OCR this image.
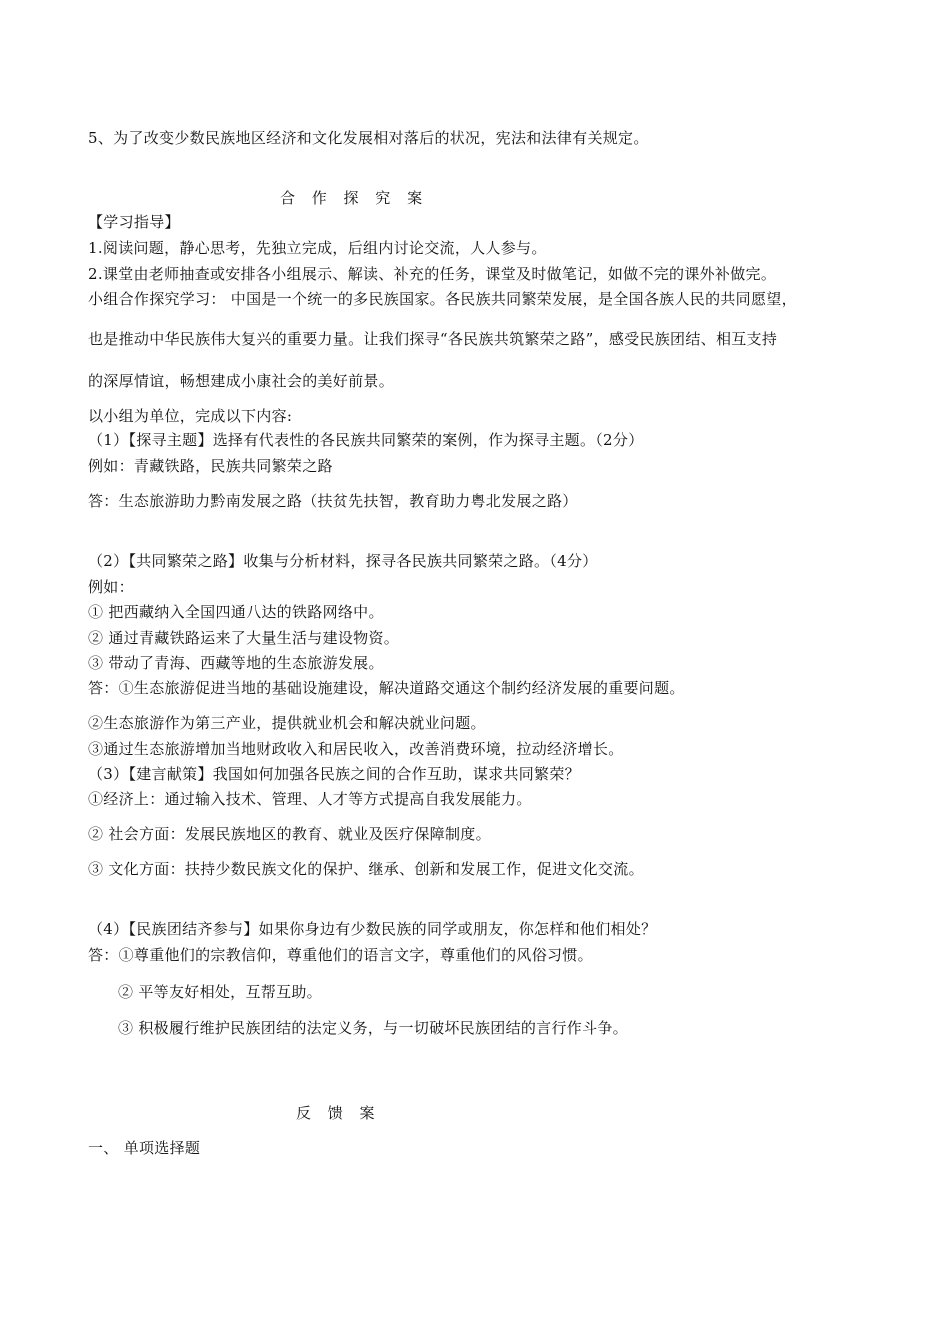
5、为了改变少数民族地区经济和文化发展相对落后的状况，宪法和法律有关规定。
合 作 探 究 案
【学习指导】
1.阅读问题，静心思考，先独立完成，后组内讨论交流，人人参与。
2.课堂由老师抽查或安排各小组展示、解读、补充的任务，课堂及时做笔记，如做不完的课外补做完。
小组合作探究学习： 中国是一个统一的多民族国家。各民族共同繁荣发展，是全国各族人民的共同愿望，
也是推动中华民族伟大复兴的重要力量。让我们探寻“各民族共筑繁荣之路”，感受民族团结、相互支持
的深厚情谊，畅想建成小康社会的美好前景。
以小组为单位，完成以下内容:
（1）【探寻主题】选择有代表性的各民族共同繁荣的案例，作为探寻主题。（2分）
例如：青藏铁路，民族共同繁荣之路
答：生态旅游助力黔南发展之路（扶贫先扶智，教育助力粤北发展之路）
（2）【共同繁荣之路】收集与分析材料，探寻各民族共同繁荣之路。（4分）
例如：
① 把西藏纳入全国四通八达的铁路网络中。
② 通过青藏铁路运来了大量生活与建设物资。
③ 带动了青海、西藏等地的生态旅游发展。
答：①生态旅游促进当地的基础设施建设，解决道路交通这个制约经济发展的重要问题。
②生态旅游作为第三产业，提供就业机会和解决就业问题。
③通过生态旅游增加当地财政收入和居民收入，改善消费环境，拉动经济增长。
（3）【建言献策】我国如何加强各民族之间的合作互助，谋求共同繁荣？
①经济上：通过输入技术、管理、人才等方式提高自我发展能力。
② 社会方面：发展民族地区的教育、就业及医疗保障制度。
③ 文化方面：扶持少数民族文化的保护、继承、创新和发展工作，促进文化交流。
（4）【民族团结齐参与】如果你身边有少数民族的同学或朋友，你怎样和他们相处？
答：①尊重他们的宗教信仰，尊重他们的语言文字，尊重他们的风俗习惯。
② 平等友好相处，互帮互助。
③ 积极履行维护民族团结的法定义务，与一切破坏民族团结的言行作斗争。
反 馈 案
一、 单项选择题
